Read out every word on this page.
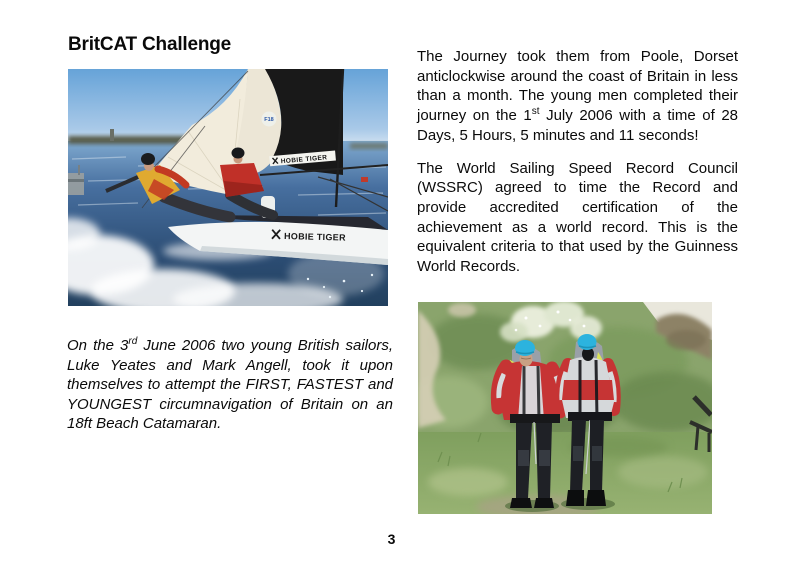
BritCAT Challenge
F18
HOBIE TIGER
HOBIE TIGER

The Journey took them from Poole, Dorset anticlockwise around the coast of Britain in less than a month. The young men completed their journey on the 1st July 2006 with a time of 28 Days, 5 Hours, 5 minutes and 11 seconds!

The World Sailing Speed Record Council (WSSRC) agreed to time the Record and provide accredited certification of the achievement as a world record. This is the equivalent criteria to that used by the Guinness World Records.

On the 3rd June 2006 two young British sailors, Luke Yeates and Mark Angell, took it upon themselves to attempt the FIRST, FASTEST and YOUNGEST circumnavigation of Britain on an 18ft Beach Catamaran.

3
